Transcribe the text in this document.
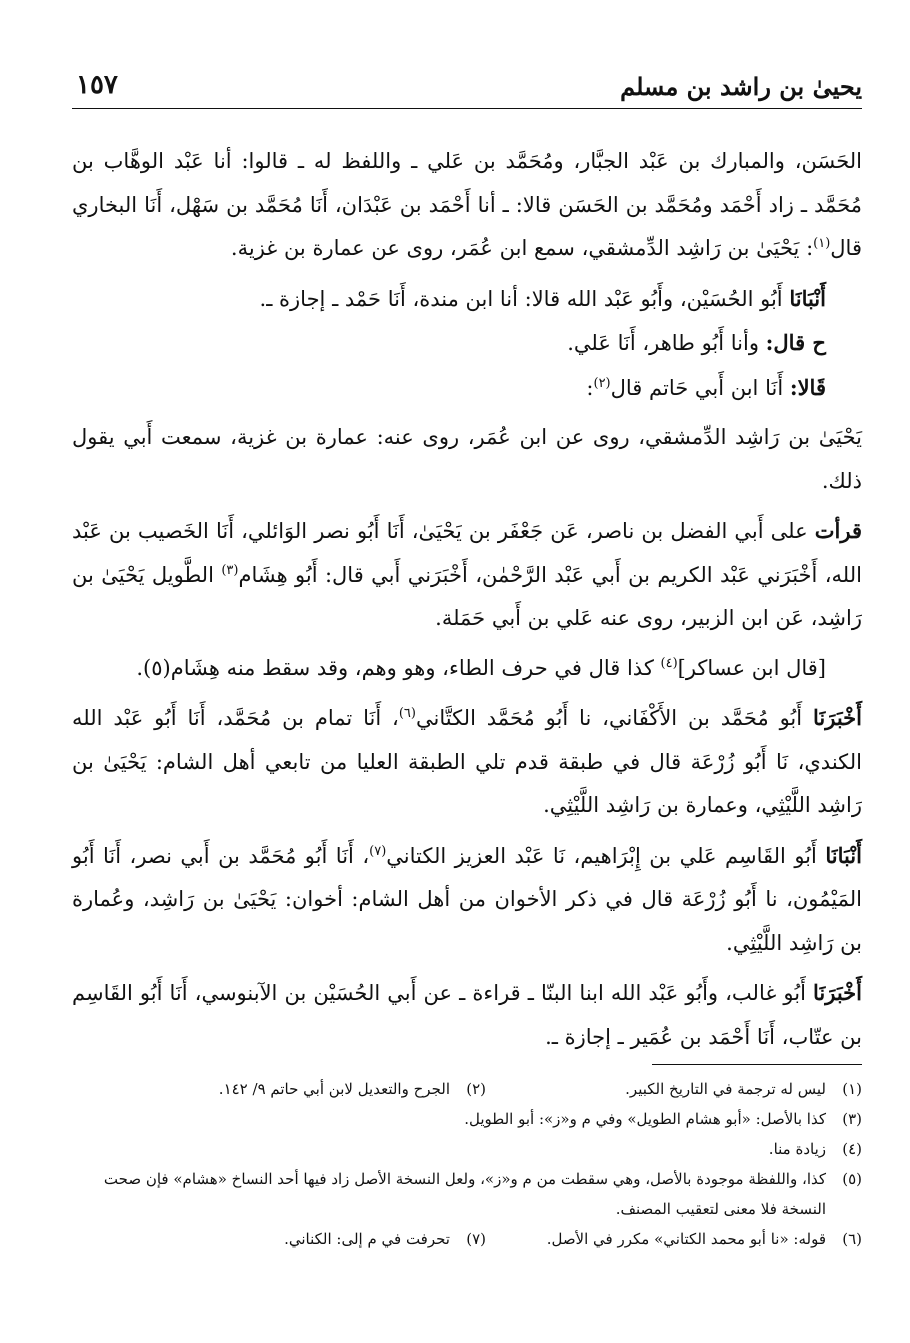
١٥٧	يحيىٰ بن راشد بن مسلم

الحَسَن، والمبارك بن عَبْد الجبَّار، ومُحَمَّد بن عَلي ـ واللفظ له ـ قالوا: أنا عَبْد الوهَّاب بن مُحَمَّد ـ زاد أَحْمَد ومُحَمَّد بن الحَسَن قالا: ـ أنا أَحْمَد بن عَبْدَان، أَنَا مُحَمَّد بن سَهْل، أَنَا البخاري قال$^{(١)}$: يَحْيَىٰ بن رَاشِد الدِّمشقي، سمع ابن عُمَر، روى عن عمارة بن غزية.

أَنْبَانَا أَبُو الحُسَيْن، وأَبُو عَبْد الله قالا: أنا ابن مندة، أَنَا حَمْد ـ إجازة ـ.

ح قال: وأنا أَبُو طاهر، أَنَا عَلي.

قَالا: أَنَا ابن أَبي حَاتم قال$^{(٢)}$:

يَحْيَىٰ بن رَاشِد الدِّمشقي، روى عن ابن عُمَر، روى عنه: عمارة بن غزية، سمعت أَبي يقول ذلك.

قرأت على أَبي الفضل بن ناصر، عَن جَعْفَر بن يَحْيَىٰ، أَنَا أَبُو نصر الوَائلي، أَنَا الخَصيب بن عَبْد الله، أَخْبَرَني عَبْد الكريم بن أَبي عَبْد الرَّحْمٰن، أَخْبَرَني أَبي قال: أَبُو هِشَام$^{(٣)}$ الطَّويل يَحْيَىٰ بن رَاشِد، عَن ابن الزبير، روى عنه عَلي بن أَبي حَمَلة.

[قال ابن عساكر]$^{(٤)}$ كذا قال في حرف الطاء، وهو وهم، وقد سقط منه هِشَام(٥).

أَخْبَرَنَا أَبُو مُحَمَّد بن الأَكْفَاني، نا أَبُو مُحَمَّد الكتَّاني$^{(٦)}$، أَنَا تمام بن مُحَمَّد، أَنَا أَبُو عَبْد الله الكندي، نَا أَبُو زُرْعَة قال في طبقة قدم تلي الطبقة العليا من تابعي أهل الشام: يَحْيَىٰ بن رَاشِد اللَّيْثِي، وعمارة بن رَاشِد اللَّيْثِي.

أَنْبَانَا أَبُو القَاسِم عَلي بن إِبْرَاهيم، نَا عَبْد العزيز الكتاني$^{(٧)}$، أَنَا أَبُو مُحَمَّد بن أَبي نصر، أَنَا أَبُو المَيْمُون، نا أَبُو زُرْعَة قال في ذكر الأخوان من أهل الشام: أخوان: يَحْيَىٰ بن رَاشِد، وعُمارة بن رَاشِد اللَّيْثِي.

أَخْبَرَنَا أَبُو غالب، وأَبُو عَبْد الله ابنا البنّا ـ قراءة ـ عن أَبي الحُسَيْن بن الآبنوسي، أَنَا أَبُو القَاسِم بن عتّاب، أَنَا أَحْمَد بن عُمَير ـ إجازة ـ.

(١)
ليس له ترجمة في التاريخ الكبير.
(٢)
الجرح والتعديل لابن أبي حاتم ٩/ ١٤٢.
(٣)
كذا بالأصل: «أبو هشام الطويل» وفي م و«ز»: أبو الطويل.
(٤)
زيادة منا.
(٥)
كذا، واللفظة موجودة بالأصل، وهي سقطت من م و«ز»، ولعل النسخة الأصل زاد فيها أحد النساخ «هشام» فإن صحت النسخة فلا معنى لتعقيب المصنف.
(٦)
قوله: «نا أبو محمد الكتاني» مكرر في الأصل.
(٧)
تحرفت في م إلى: الكناني.
